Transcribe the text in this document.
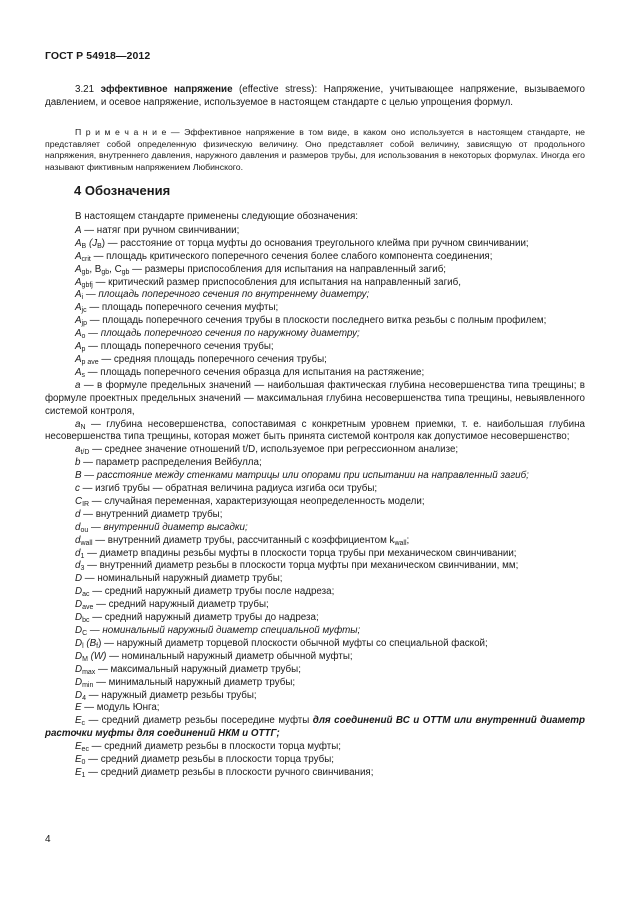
ГОСТ Р 54918—2012

3.21 эффективное напряжение (effective stress): Напряжение, учитывающее напряжение, вызываемого давлением, и осевое напряжение, используемое в настоящем стандарте с целью упрощения формул.

П р и м е ч а н и е — Эффективное напряжение в том виде, в каком оно используется в настоящем стандарте, не представляет собой определенную физическую величину. Оно представляет собой величину, зависящую от продольного напряжения, внутреннего давления, наружного давления и размеров трубы, для использования в некоторых формулах. Иногда его называют фиктивным напряжением Любинского.

4 Обозначения

В настоящем стандарте применены следующие обозначения:

A — натяг при ручном свинчивании;

$A_B$ $(J_B)$ — расстояние от торца муфты до основания треугольного клейма при ручном свинчивании;

$A_{crit}$ — площадь критического поперечного сечения более слабого компонента соединения;

$A_{gb}$, $B_{gb}$, $C_{gb}$ — размеры приспособления для испытания на направленный загиб;

$A_{gbfj}$ — критический размер приспособления для испытания на направленный загиб,

$A_i$ — площадь поперечного сечения по внутреннему диаметру;

$A_{jc}$ — площадь поперечного сечения муфты;

$A_{jp}$ — площадь поперечного сечения трубы в плоскости последнего витка резьбы с полным профилем;

$A_o$ — площадь поперечного сечения по наружному диаметру;

$A_p$ — площадь поперечного сечения трубы;

$A_{p ave}$ — средняя площадь поперечного сечения трубы;

$A_s$ — площадь поперечного сечения образца для испытания на растяжение;

a — в формуле предельных значений — наибольшая фактическая глубина несовершенства типа трещины; в формуле проектных предельных значений — максимальная глубина несовершенства типа трещины, невыявленного системой контроля,

$a_N$ — глубина несовершенства, сопоставимая с конкретным уровнем приемки, т. е. наибольшая глубина несовершенства типа трещины, которая может быть принята системой контроля как допустимое несовершенство;

$a_{t/D}$ — среднее значение отношений t/D, используемое при регрессионном анализе;

b — параметр распределения Вейбулла;

B — расстояние между стенками матрицы или опорами при испытании на направленный загиб;

c — изгиб трубы — обратная величина радиуса изгиба оси трубы;

$C_{IR}$ — случайная переменная, характеризующая неопределенность модели;

d — внутренний диаметр трубы;

$d_{ou}$ — внутренний диаметр высадки;

$d_{wall}$ — внутренний диаметр трубы, рассчитанный с коэффициентом $k_{wall}$;

$d_1$ — диаметр впадины резьбы муфты в плоскости торца трубы при механическом свинчивании;

$d_3$ — внутренний диаметр резьбы в плоскости торца муфты при механическом свинчивании, мм;

D — номинальный наружный диаметр трубы;

$D_{ac}$ — средний наружный диаметр трубы после надреза;

$D_{ave}$ — средний наружный диаметр трубы;

$D_{bc}$ — средний наружный диаметр трубы до надреза;

$D_C$ — номинальный наружный диаметр специальной муфты;

$D_l$ $(B_f)$ — наружный диаметр торцевой плоскости обычной муфты со специальной фаской;

$D_M$ (W) — номинальный наружный диаметр обычной муфты;

$D_{max}$ — максимальный наружный диаметр трубы;

$D_{min}$ — минимальный наружный диаметр трубы;

$D_4$ — наружный диаметр резьбы трубы;

E — модуль Юнга;

$E_c$ — средний диаметр резьбы посередине муфты для соединений ВС и ОТТМ или внутренний диаметр расточки муфты для соединений НКМ и ОТТГ;

$E_{ec}$ — средний диаметр резьбы в плоскости торца муфты;

$E_0$ — средний диаметр резьбы в плоскости торца трубы;

$E_1$ — средний диаметр резьбы в плоскости ручного свинчивания;

4
